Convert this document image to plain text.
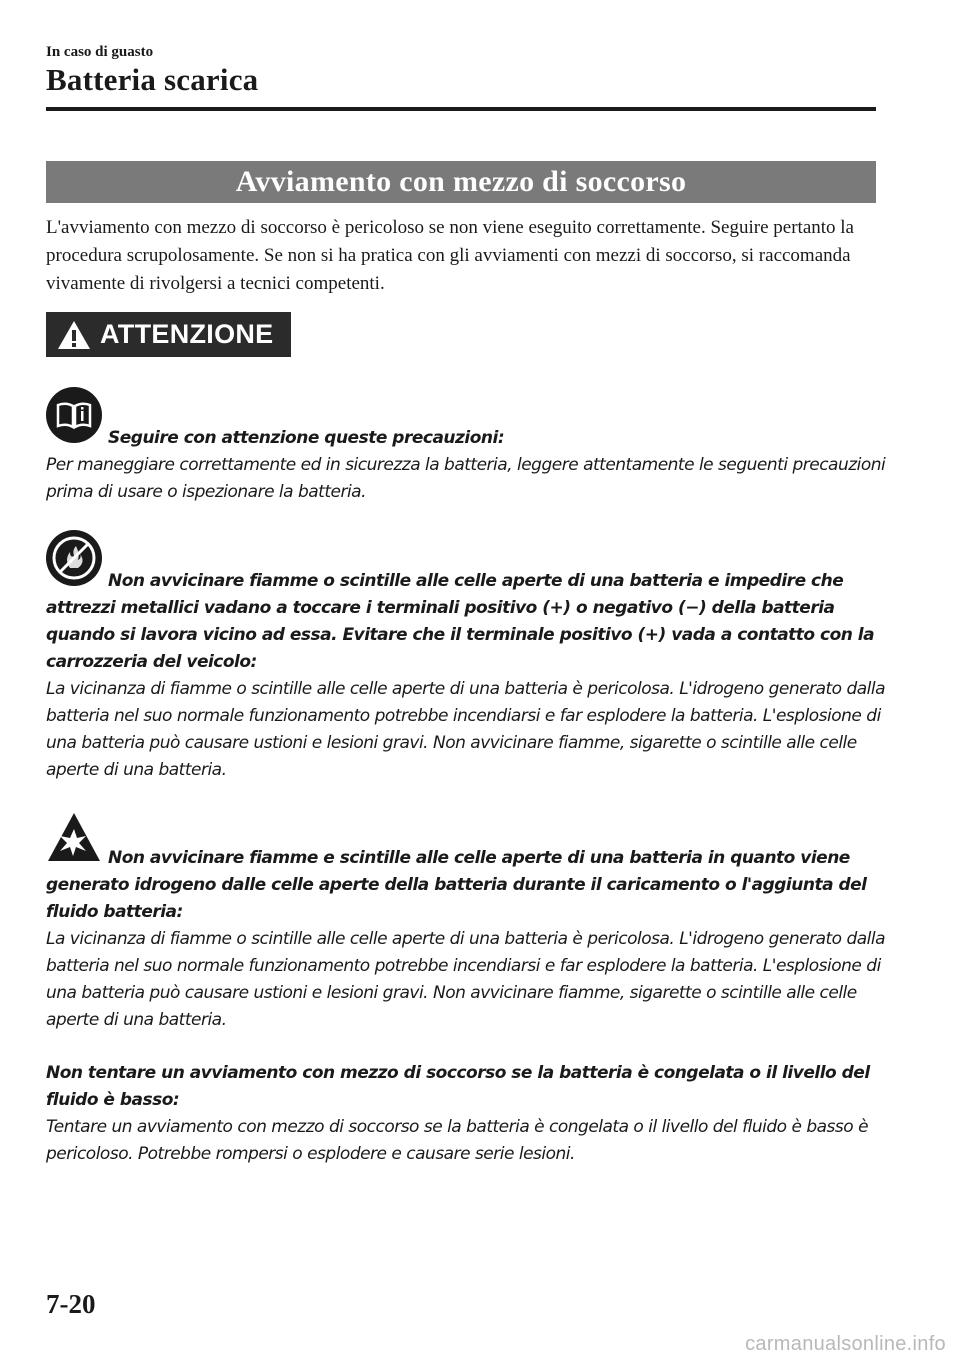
In caso di guasto
Batteria scarica
Avviamento con mezzo di soccorso

L'avviamento con mezzo di soccorso è pericoloso se non viene eseguito correttamente. Seguire pertanto la procedura scrupolosamente. Se non si ha pratica con gli avviamenti con mezzi di soccorso, si raccomanda vivamente di rivolgersi a tecnici competenti.

ATTENZIONE
Seguire con attenzione queste precauzioni:
Per maneggiare correttamente ed in sicurezza la batteria, leggere attentamente le seguenti precauzioni prima di usare o ispezionare la batteria.
Non avvicinare fiamme o scintille alle celle aperte di una batteria e impedire che attrezzi metallici vadano a toccare i terminali positivo (+) o negativo (−) della batteria quando si lavora vicino ad essa. Evitare che il terminale positivo (+) vada a contatto con la carrozzeria del veicolo:
La vicinanza di fiamme o scintille alle celle aperte di una batteria è pericolosa. L'idrogeno generato dalla batteria nel suo normale funzionamento potrebbe incendiarsi e far esplodere la batteria. L'esplosione di una batteria può causare ustioni e lesioni gravi. Non avvicinare fiamme, sigarette o scintille alle celle aperte di una batteria.
Non avvicinare fiamme e scintille alle celle aperte di una batteria in quanto viene generato idrogeno dalle celle aperte della batteria durante il caricamento o l'aggiunta del fluido batteria:
La vicinanza di fiamme o scintille alle celle aperte di una batteria è pericolosa. L'idrogeno generato dalla batteria nel suo normale funzionamento potrebbe incendiarsi e far esplodere la batteria. L'esplosione di una batteria può causare ustioni e lesioni gravi. Non avvicinare fiamme, sigarette o scintille alle celle aperte di una batteria.
Non tentare un avviamento con mezzo di soccorso se la batteria è congelata o il livello del fluido è basso:
Tentare un avviamento con mezzo di soccorso se la batteria è congelata o il livello del fluido è basso è pericoloso. Potrebbe rompersi o esplodere e causare serie lesioni.
7-20
carmanualsonline.info
